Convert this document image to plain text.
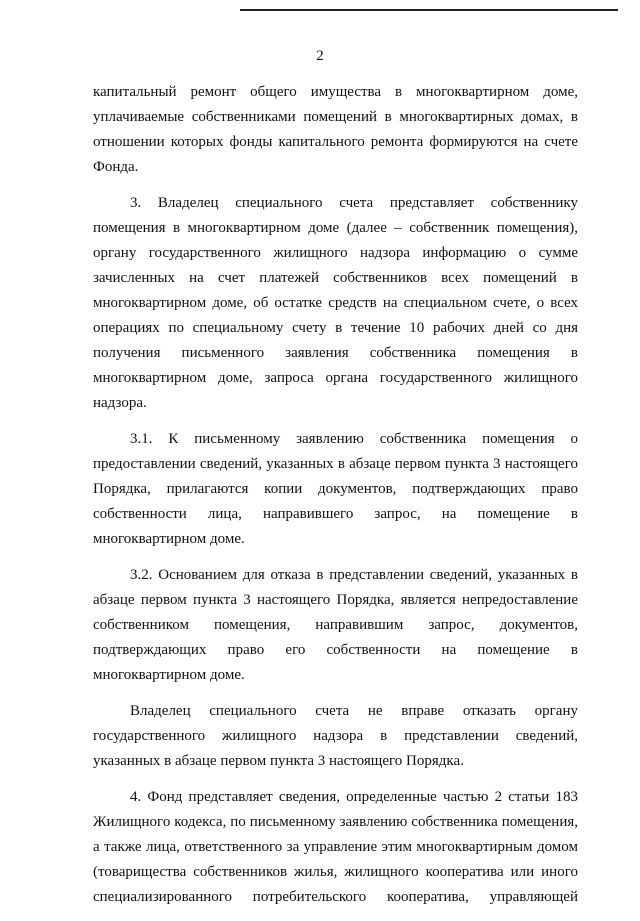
2

капитальный ремонт общего имущества в многоквартирном доме, уплачиваемые собственниками помещений в многоквартирных домах, в отношении которых фонды капитального ремонта формируются на счете Фонда.

3. Владелец специального счета представляет собственнику помещения в многоквартирном доме (далее – собственник помещения), органу государственного жилищного надзора информацию о сумме зачисленных на счет платежей собственников всех помещений в многоквартирном доме, об остатке средств на специальном счете, о всех операциях по специальному счету в течение 10 рабочих дней со дня получения письменного заявления собственника помещения в многоквартирном доме, запроса органа государственного жилищного надзора.

3.1. К письменному заявлению собственника помещения о предоставлении сведений, указанных в абзаце первом пункта 3 настоящего Порядка, прилагаются копии документов, подтверждающих право собственности лица, направившего запрос, на помещение в многоквартирном доме.

3.2. Основанием для отказа в представлении сведений, указанных в абзаце первом пункта 3 настоящего Порядка, является непредоставление собственником помещения, направившим запрос, документов, подтверждающих право его собственности на помещение в многоквартирном доме.

Владелец специального счета не вправе отказать органу государственного жилищного надзора в представлении сведений, указанных в абзаце первом пункта 3 настоящего Порядка.

4. Фонд представляет сведения, определенные частью 2 статьи 183 Жилищного кодекса, по письменному заявлению собственника помещения, а также лица, ответственного за управление этим многоквартирным домом (товарищества собственников жилья, жилищного кооператива или иного специализированного потребительского кооператива, управляющей
